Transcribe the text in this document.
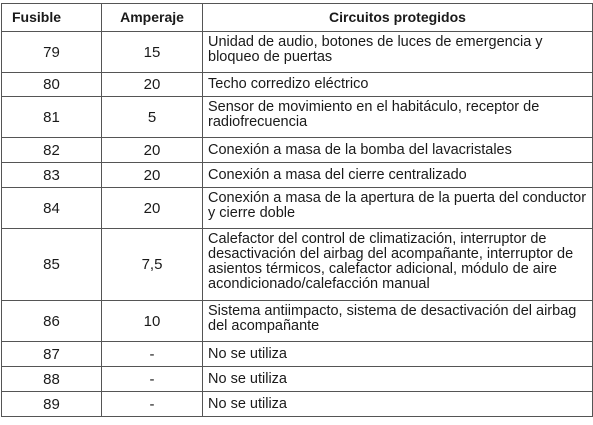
Fusible	Amperaje	Circuitos protegidos
79	15	Unidad de audio, botones de luces de emergencia y bloqueo de puertas
80	20	Techo corredizo eléctrico
81	5	Sensor de movimiento en el habitáculo, receptor de radiofrecuencia
82	20	Conexión a masa de la bomba del lavacristales
83	20	Conexión a masa del cierre centralizado
84	20	Conexión a masa de la apertura de la puerta del conductor y cierre doble
85	7,5	Calefactor del control de climatización, interruptor de desactivación del airbag del acompañante, interruptor de asientos térmicos, calefactor adicional, módulo de aire acondicionado/calefacción manual
86	10	Sistema antiimpacto, sistema de desactivación del airbag del acompañante
87	-	No se utiliza
88	-	No se utiliza
89	-	No se utiliza
